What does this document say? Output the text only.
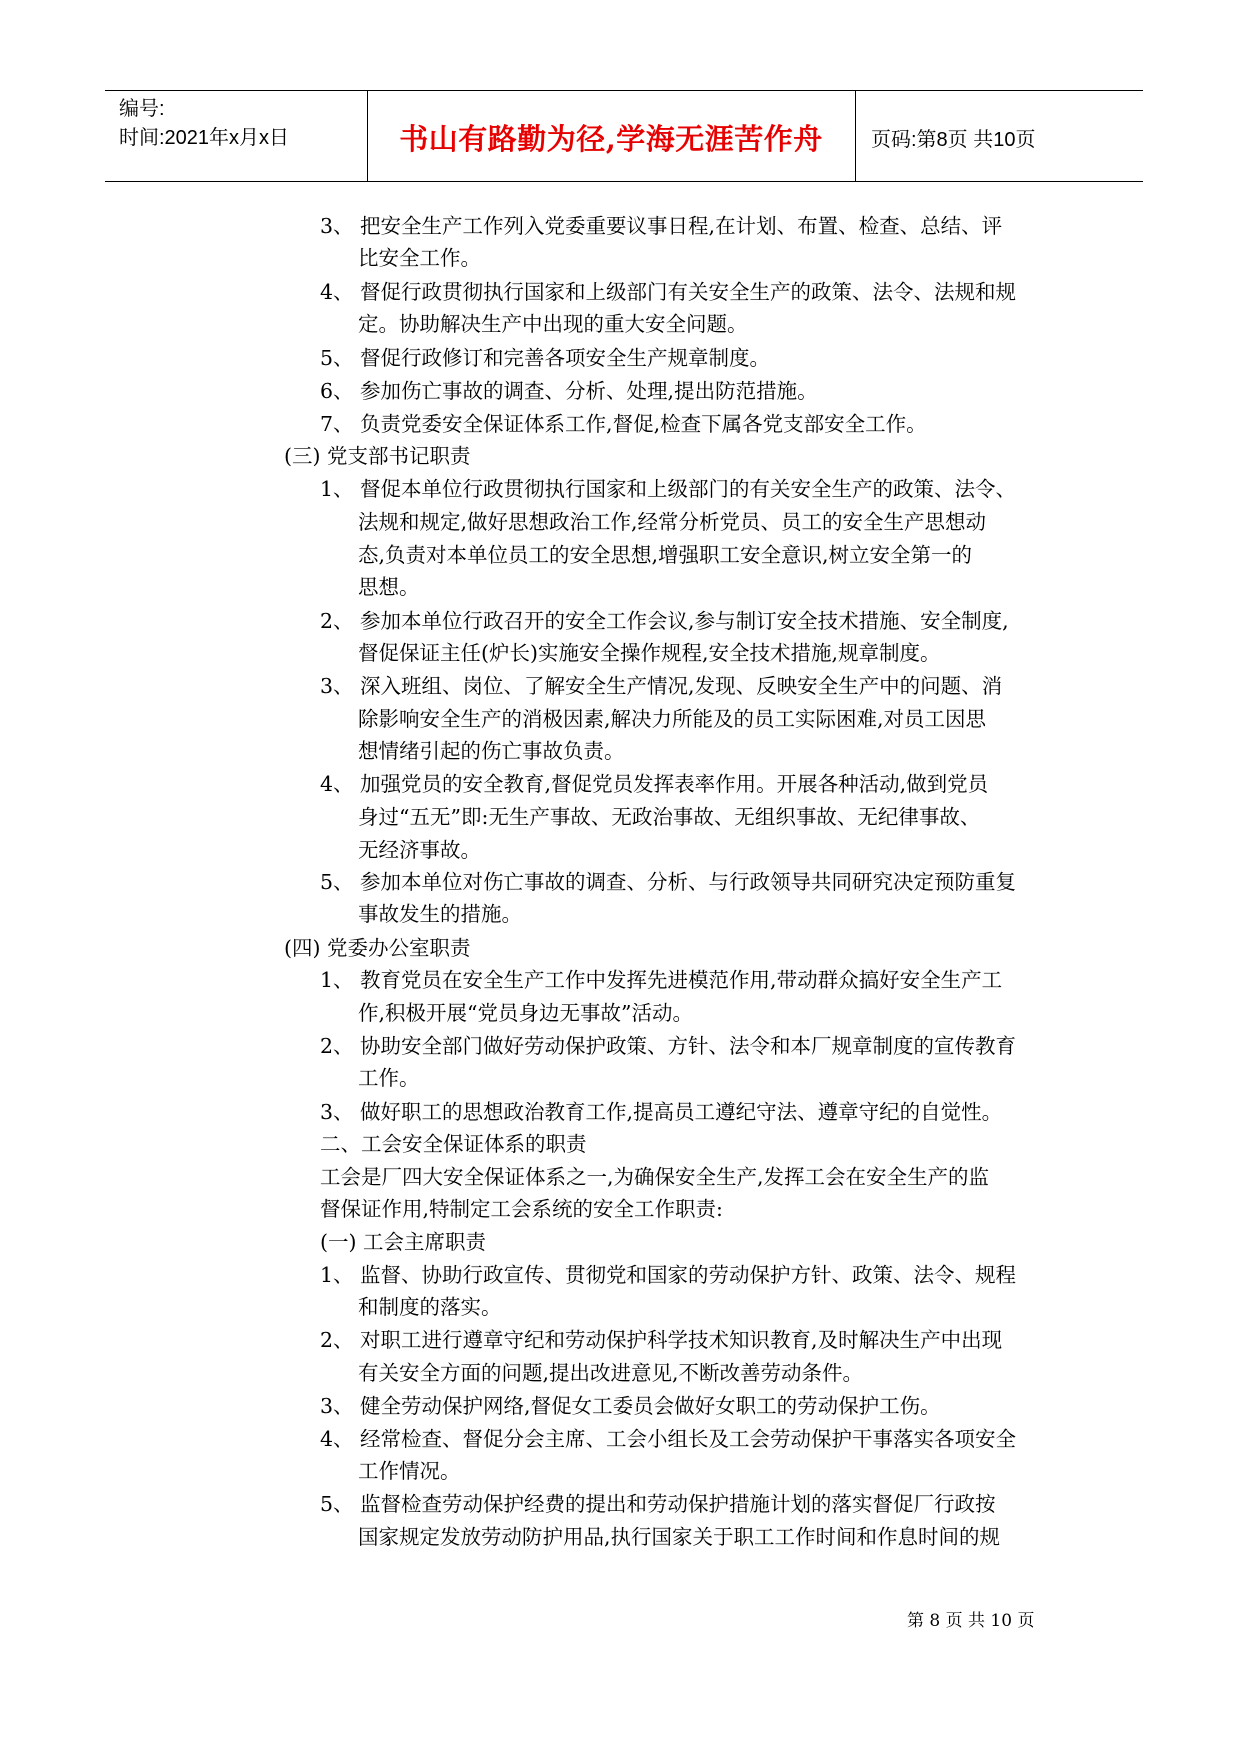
编号:
时间:2021年x月x日	书山有路勤为径,学海无涯苦作舟	页码:第8页 共10页
3、 把安全生产工作列入党委重要议事日程,在计划、布置、检查、总结、评
比安全工作。
4、 督促行政贯彻执行国家和上级部门有关安全生产的政策、法令、法规和规
定。协助解决生产中出现的重大安全问题。
5、 督促行政修订和完善各项安全生产规章制度。
6、 参加伤亡事故的调查、分析、处理,提出防范措施。
7、 负责党委安全保证体系工作,督促,检查下属各党支部安全工作。
(三) 党支部书记职责
1、 督促本单位行政贯彻执行国家和上级部门的有关安全生产的政策、法令、
法规和规定,做好思想政治工作,经常分析党员、员工的安全生产思想动
态,负责对本单位员工的安全思想,增强职工安全意识,树立安全第一的
思想。
2、 参加本单位行政召开的安全工作会议,参与制订安全技术措施、安全制度,
督促保证主任(炉长)实施安全操作规程,安全技术措施,规章制度。
3、 深入班组、岗位、了解安全生产情况,发现、反映安全生产中的问题、消
除影响安全生产的消极因素,解决力所能及的员工实际困难,对员工因思
想情绪引起的伤亡事故负责。
4、 加强党员的安全教育,督促党员发挥表率作用。开展各种活动,做到党员
身过“五无”即:无生产事故、无政治事故、无组织事故、无纪律事故、
无经济事故。
5、 参加本单位对伤亡事故的调查、分析、与行政领导共同研究决定预防重复
事故发生的措施。
(四) 党委办公室职责
1、 教育党员在安全生产工作中发挥先进模范作用,带动群众搞好安全生产工
作,积极开展“党员身边无事故”活动。
2、 协助安全部门做好劳动保护政策、方针、法令和本厂规章制度的宣传教育
工作。
3、 做好职工的思想政治教育工作,提高员工遵纪守法、遵章守纪的自觉性。
二、工会安全保证体系的职责
工会是厂四大安全保证体系之一,为确保安全生产,发挥工会在安全生产的监
督保证作用,特制定工会系统的安全工作职责:
(一) 工会主席职责
1、 监督、协助行政宣传、贯彻党和国家的劳动保护方针、政策、法令、规程
和制度的落实。
2、 对职工进行遵章守纪和劳动保护科学技术知识教育,及时解决生产中出现
有关安全方面的问题,提出改进意见,不断改善劳动条件。
3、 健全劳动保护网络,督促女工委员会做好女职工的劳动保护工伤。
4、 经常检查、督促分会主席、工会小组长及工会劳动保护干事落实各项安全
工作情况。
5、 监督检查劳动保护经费的提出和劳动保护措施计划的落实督促厂行政按
国家规定发放劳动防护用品,执行国家关于职工工作时间和作息时间的规
第 8 页 共 10 页
